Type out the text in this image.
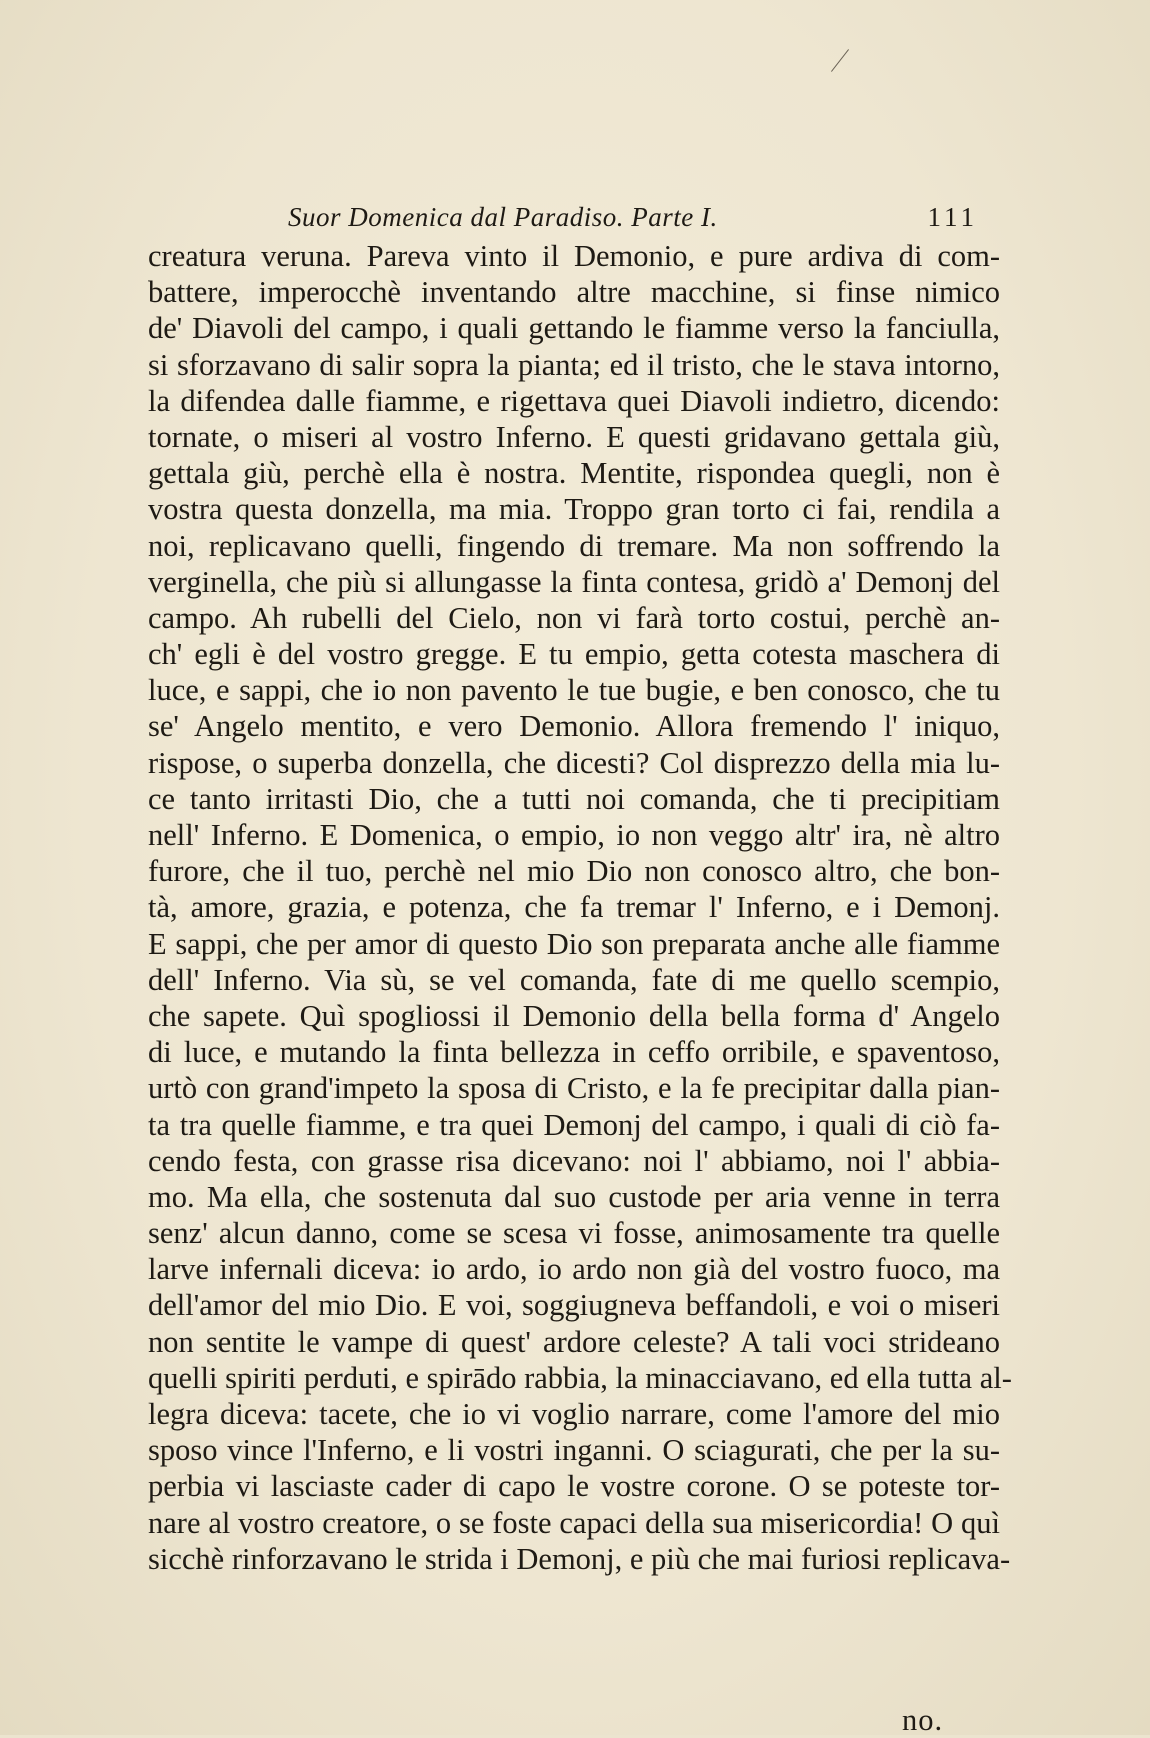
Suor Domenica dal Paradiso. Parte I.	111
creatura veruna. Pareva vinto il Demonio, e pure ardiva di com-
battere, imperocchè inventando altre macchine, si finse nimico
de' Diavoli del campo, i quali gettando le fiamme verso la fanciulla,
si sforzavano di salir sopra la pianta; ed il tristo, che le stava intorno,
la difendea dalle fiamme, e rigettava quei Diavoli indietro, dicendo:
tornate, o miseri al vostro Inferno. E questi gridavano gettala giù,
gettala giù, perchè ella è nostra. Mentite, rispondea quegli, non è
vostra questa donzella, ma mia. Troppo gran torto ci fai, rendila a
noi, replicavano quelli, fingendo di tremare. Ma non soffrendo la
verginella, che più si allungasse la finta contesa, gridò a' Demonj del
campo. Ah rubelli del Cielo, non vi farà torto costui, perchè an-
ch' egli è del vostro gregge. E tu empio, getta cotesta maschera di
luce, e sappi, che io non pavento le tue bugie, e ben conosco, che tu
se' Angelo mentito, e vero Demonio. Allora fremendo l' iniquo,
rispose, o superba donzella, che dicesti? Col disprezzo della mia lu-
ce tanto irritasti Dio, che a tutti noi comanda, che ti precipitiam
nell' Inferno. E Domenica, o empio, io non veggo altr' ira, nè altro
furore, che il tuo, perchè nel mio Dio non conosco altro, che bon-
tà, amore, grazia, e potenza, che fa tremar l' Inferno, e i Demonj.
E sappi, che per amor di questo Dio son preparata anche alle fiamme
dell' Inferno. Via sù, se vel comanda, fate di me quello scempio,
che sapete. Quì spogliossi il Demonio della bella forma d' Angelo
di luce, e mutando la finta bellezza in ceffo orribile, e spaventoso,
urtò con grand'impeto la sposa di Cristo, e la fe precipitar dalla pian-
ta tra quelle fiamme, e tra quei Demonj del campo, i quali di ciò fa-
cendo festa, con grasse risa dicevano: noi l' abbiamo, noi l' abbia-
mo. Ma ella, che sostenuta dal suo custode per aria venne in terra
senz' alcun danno, come se scesa vi fosse, animosamente tra quelle
larve infernali diceva: io ardo, io ardo non già del vostro fuoco, ma
dell'amor del mio Dio. E voi, soggiugneva beffandoli, e voi o miseri
non sentite le vampe di quest' ardore celeste? A tali voci strideano
quelli spiriti perduti, e spirādo rabbia, la minacciavano, ed ella tutta al-
legra diceva: tacete, che io vi voglio narrare, come l'amore del mio
sposo vince l'Inferno, e li vostri inganni. O sciagurati, che per la su-
perbia vi lasciaste cader di capo le vostre corone. O se poteste tor-
nare al vostro creatore, o se foste capaci della sua misericordia! O quì
sicchè rinforzavano le strida i Demonj, e più che mai furiosi replicava-
no.
